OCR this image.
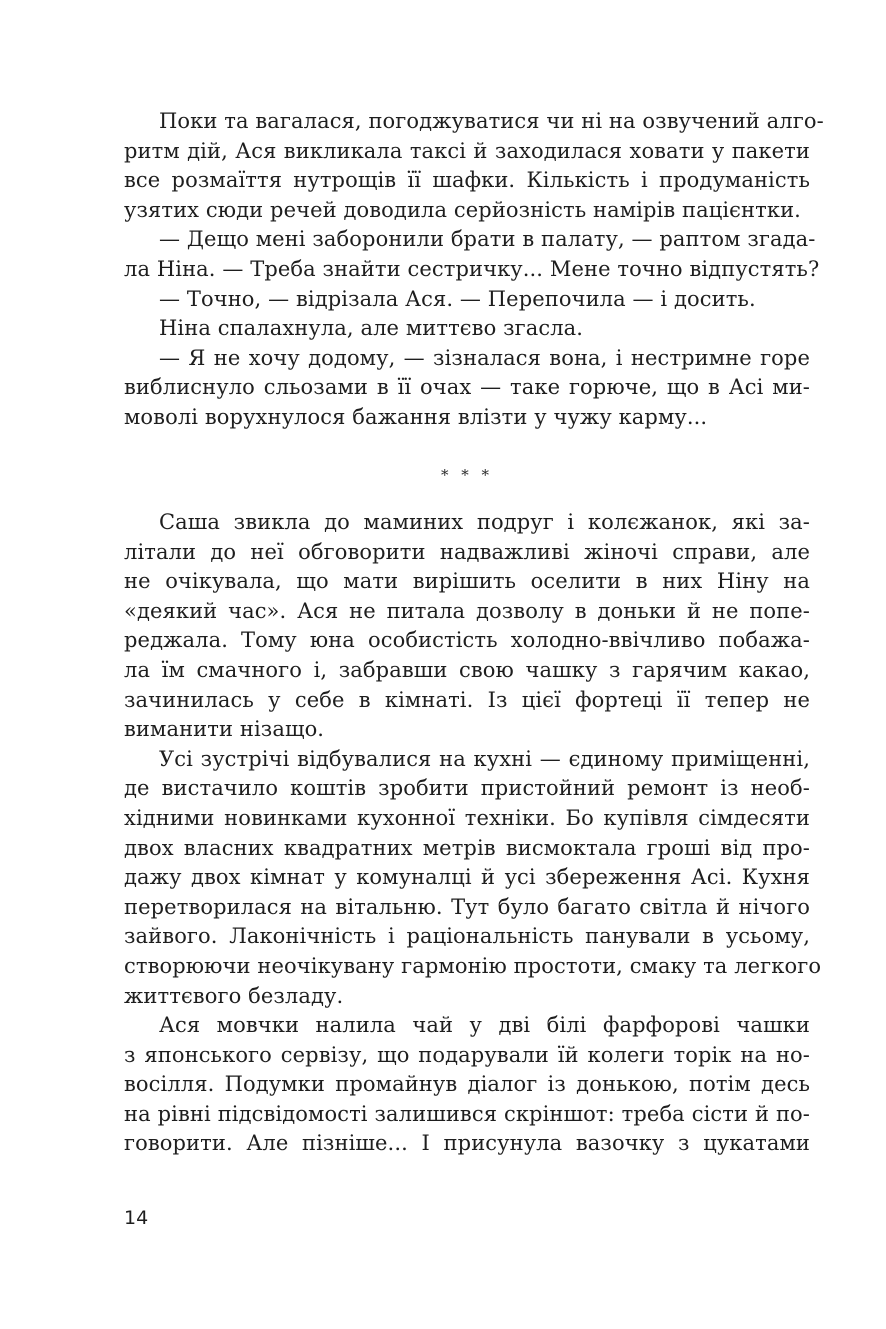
Поки та вагалася, погоджуватися чи ні на озвучений алго-
ритм дій, Ася викликала таксі й заходилася ховати у пакети
все розмаїття нутрощів її шафки. Кількість і продуманість
узятих сюди речей доводила серйозність намірів пацієнтки.
— Дещо мені заборонили брати в палату, — раптом згада-
ла Ніна. — Треба знайти сестричку... Мене точно відпустять?
— Точно, — відрізала Ася. — Перепочила — і досить.
Ніна спалахнула, але миттєво згасла.
— Я не хочу додому, — зізналася вона, і нестримне горе
виблиснуло сльозами в її очах — таке горюче, що в Асі ми-
моволі ворухнулося бажання влізти у чужу карму...
* * *
Саша звикла до маминих подруг і колєжанок, які за-
літали до неї обговорити надважливі жіночі справи, але
не очікувала, що мати вирішить оселити в них Ніну на
«деякий час». Ася не питала дозволу в доньки й не попе-
реджала. Тому юна особистість холодно-ввічливо побажа-
ла їм смачного і, забравши свою чашку з гарячим какао,
зачинилась у себе в кімнаті. Із цієї фортеці її тепер не
виманити нізащо.
Усі зустрічі відбувалися на кухні — єдиному приміщенні,
де вистачило коштів зробити пристойний ремонт із необ-
хідними новинками кухонної техніки. Бо купівля сімдесяти
двох власних квадратних метрів висмоктала гроші від про-
дажу двох кімнат у комуналці й усі збереження Асі. Кухня
перетворилася на вітальню. Тут було багато світла й нічого
зайвого. Лаконічність і раціональність панували в усьому,
створюючи неочікувану гармонію простоти, смаку та легкого
життєвого безладу.
Ася мовчки налила чай у дві білі фарфорові чашки
з японського сервізу, що подарували їй колеги торік на но-
восілля. Подумки промайнув діалог із донькою, потім десь
на рівні підсвідомості залишився скріншот: треба сісти й по-
говорити. Але пізніше... І присунула вазочку з цукатами
14
